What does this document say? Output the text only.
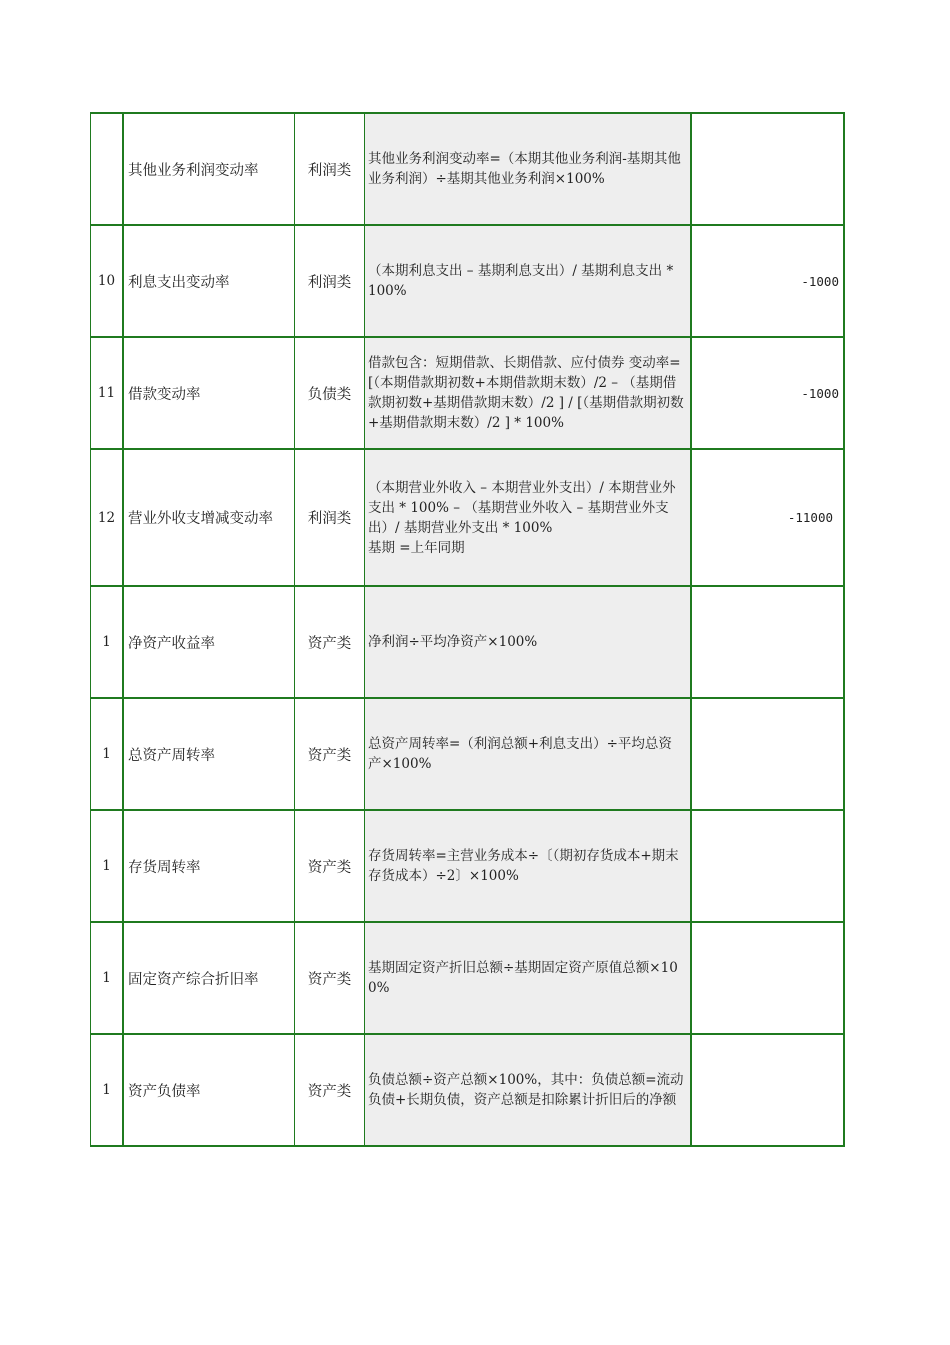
	其他业务利润变动率	利润类	其他业务利润变动率=（本期其他业务利润-基期其他业务利润）÷基期其他业务利润×100%	

10	利息支出变动率	利润类	（本期利息支出 – 基期利息支出）/ 基期利息支出 * 100%	-1000
11	借款变动率	负债类	借款包含：短期借款、长期借款、应付债券 变动率=[（本期借款期初数+本期借款期末数）/2 – （基期借款期初数+基期借款期末数）/2 ] / [（基期借款期初数+基期借款期末数）/2 ] * 100%	-1000
12	营业外收支增减变动率	利润类	（本期营业外收入 – 本期营业外支出）/ 本期营业外支出 * 100% – （基期营业外收入 – 基期营业外支出）/ 基期营业外支出 * 100%
基期 =上年同期	-11000
1	净资产收益率	资产类	净利润÷平均净资产×100%	

1	总资产周转率	资产类	总资产周转率=（利润总额+利息支出）÷平均总资产×100%	

1	存货周转率	资产类	存货周转率=主营业务成本÷〔（期初存货成本+期末存货成本）÷2〕×100%	

1	固定资产综合折旧率	资产类	基期固定资产折旧总额÷基期固定资产原值总额×100%	

1	资产负债率	资产类	负债总额÷资产总额×100%，其中：负债总额=流动负债+长期负债，资产总额是扣除累计折旧后的净额	
